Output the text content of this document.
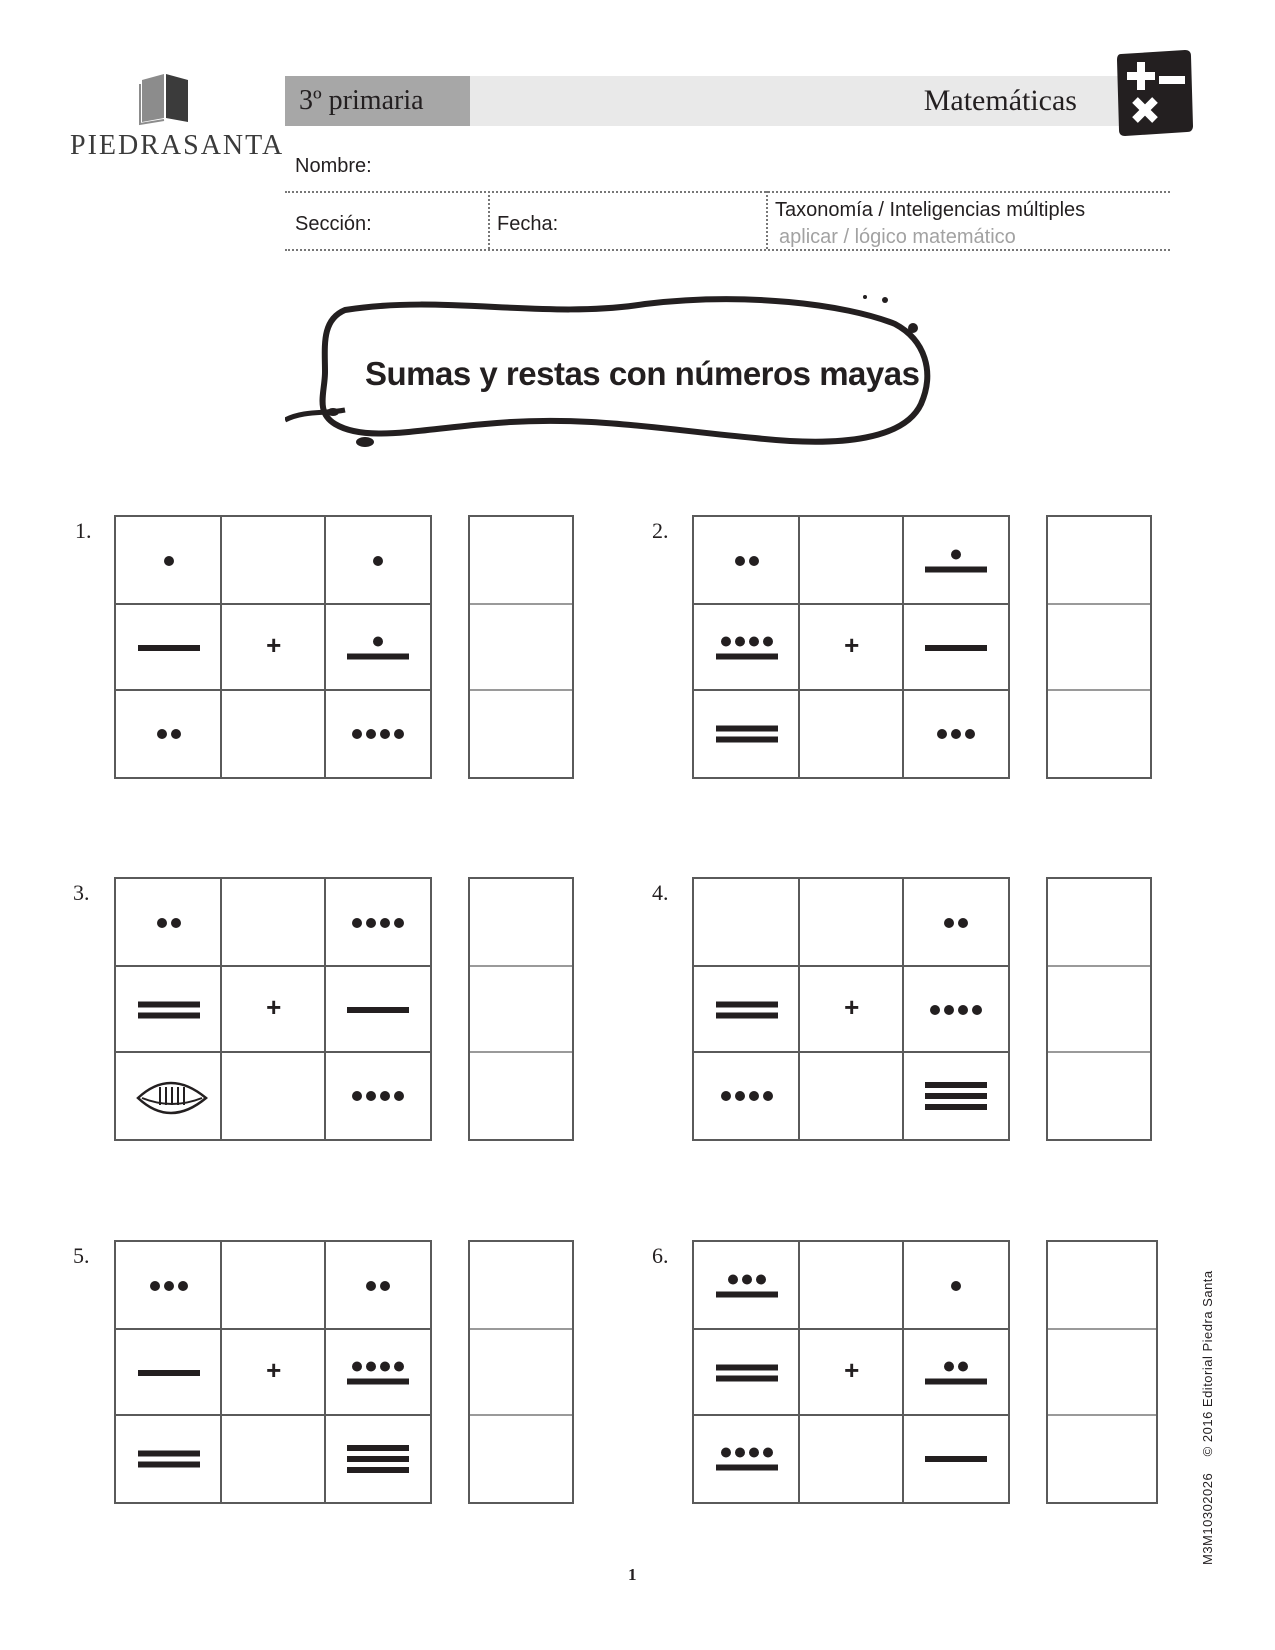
PIEDRASANTA
3º primaria	Matemáticas
Nombre:
Sección:	Fecha:
Taxonomía / Inteligencias múltiples
aplicar / lógico matemático
Sumas y restas con números mayas
1.
+
2.
+
3.
+
4.
+
5.
+
6.
+
1
M3M10302026    © 2016 Editorial Piedra Santa
